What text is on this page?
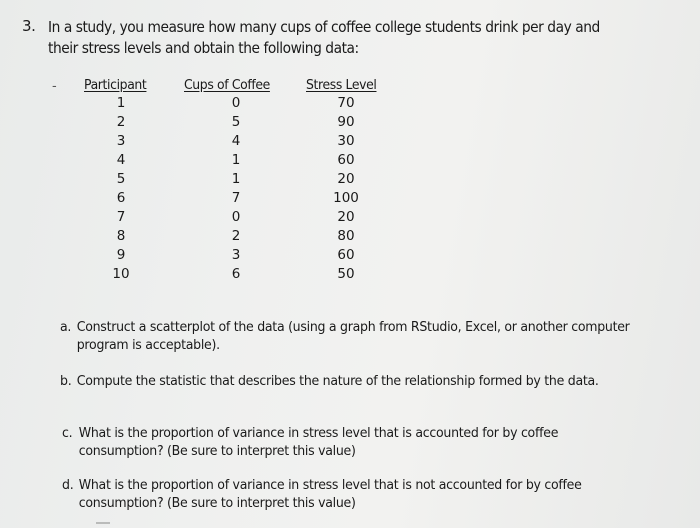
3. In a study, you measure how many cups of coffee college students drink per day and their stress levels and obtain the following data:
- Participant	Cups of Coffee	Stress Level
1	0	70
2	5	90
3	4	30
4	1	60
5	1	20
6	7	100
7	0	20
8	2	80
9	3	60
10	6	50
a. Construct a scatterplot of the data (using a graph from RStudio, Excel, or another computer program is acceptable).
b. Compute the statistic that describes the nature of the relationship formed by the data.
c. What is the proportion of variance in stress level that is accounted for by coffee consumption? (Be sure to interpret this value)
d. What is the proportion of variance in stress level that is not accounted for by coffee consumption? (Be sure to interpret this value)
